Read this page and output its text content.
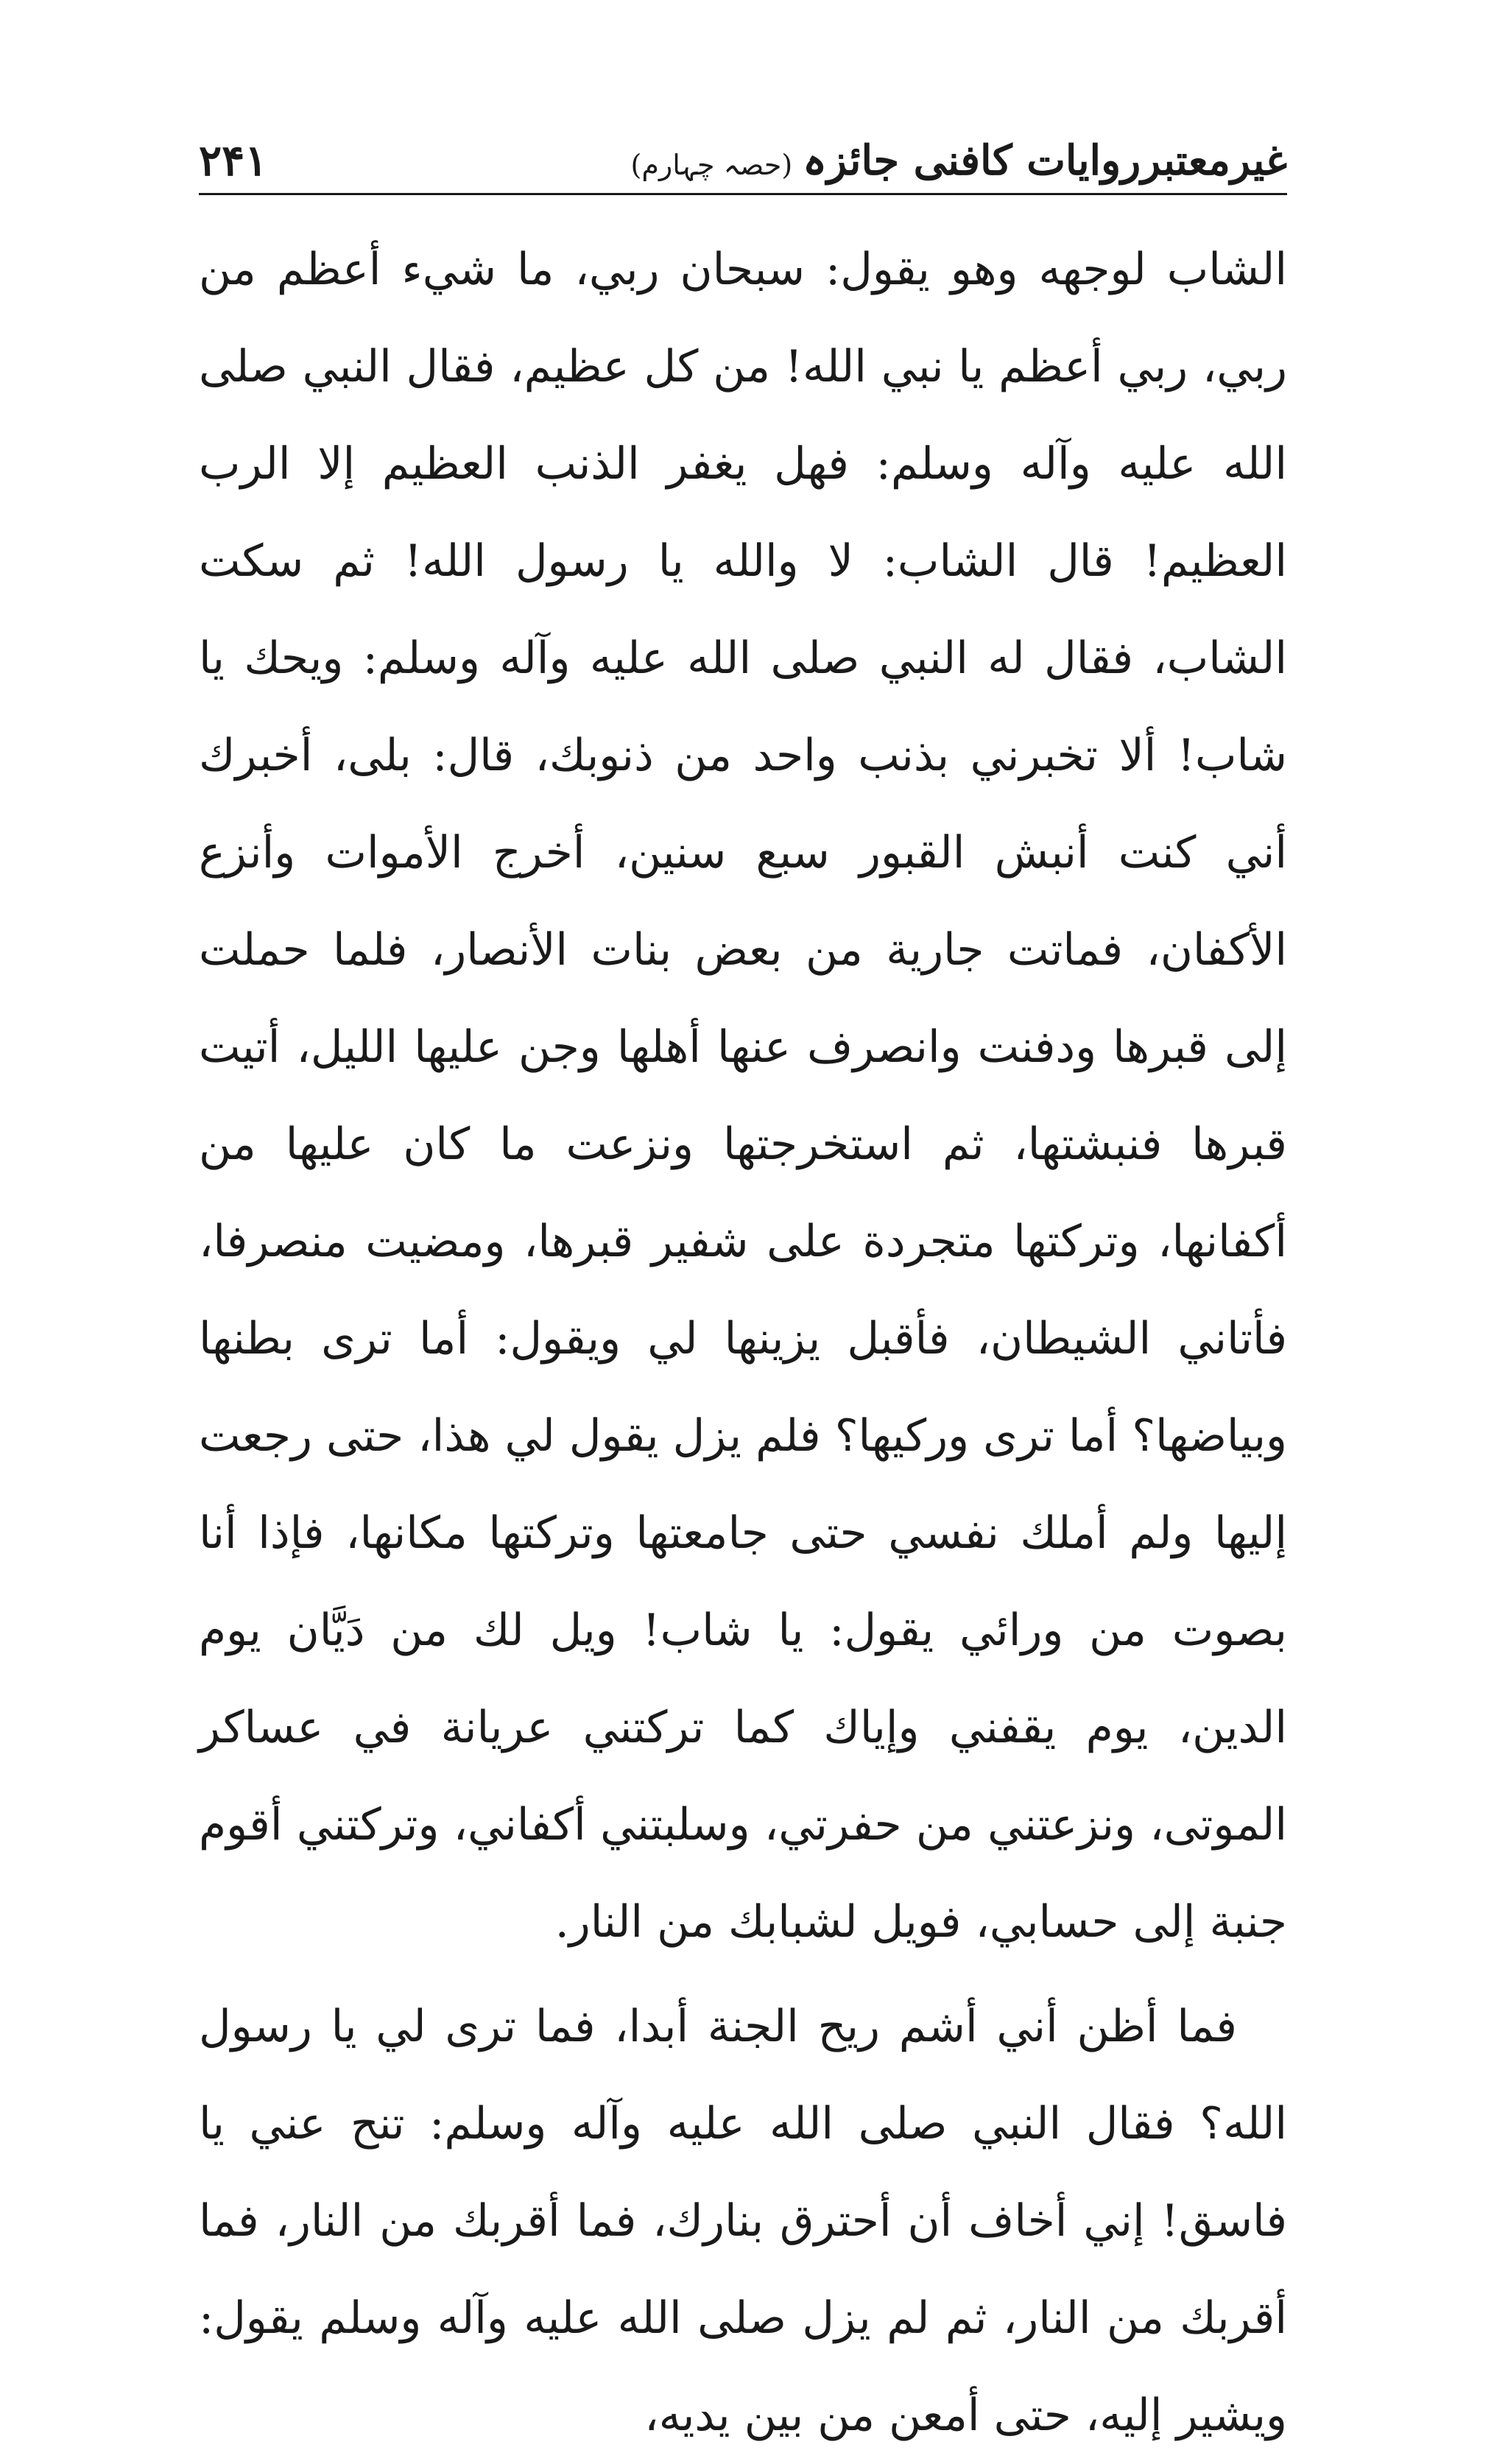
غیرمعتبرروایات کافنی جائزہ(حصہ چہارم)
۲۴۱

الشاب لوجهه وهو يقول: سبحان ربي، ما شيء أعظم من ربي، ربي أعظم يا نبي الله! من كل عظيم، فقال النبي صلى الله عليه وآله وسلم: فهل يغفر الذنب العظيم إلا الرب العظيم! قال الشاب: لا والله يا رسول الله! ثم سكت الشاب، فقال له النبي صلى الله عليه وآله وسلم: ويحك يا شاب! ألا تخبرني بذنب واحد من ذنوبك، قال: بلى، أخبرك أني كنت أنبش القبور سبع سنين، أخرج الأموات وأنزع الأكفان، فماتت جارية من بعض بنات الأنصار، فلما حملت إلى قبرها ودفنت وانصرف عنها أهلها وجن عليها الليل، أتيت قبرها فنبشتها، ثم استخرجتها ونزعت ما كان عليها من أكفانها، وتركتها متجردة على شفير قبرها، ومضيت منصرفا، فأتاني الشيطان، فأقبل يزينها لي ويقول: أما ترى بطنها وبياضها؟ أما ترى وركيها؟ فلم يزل يقول لي هذا، حتى رجعت إليها ولم أملك نفسي حتى جامعتها وتركتها مكانها، فإذا أنا بصوت من ورائي يقول: يا شاب! ويل لك من دَيَّان يوم الدين، يوم يقفني وإياك كما تركتني عريانة في عساكر الموتى، ونزعتني من حفرتي، وسلبتني أكفاني، وتركتني أقوم جنبة إلى حسابي، فويل لشبابك من النار.

فما أظن أني أشم ريح الجنة أبدا، فما ترى لي يا رسول الله؟ فقال النبي صلى الله عليه وآله وسلم: تنح عني يا فاسق! إني أخاف أن أحترق بنارك، فما أقربك من النار، فما أقربك من النار، ثم لم يزل صلى الله عليه وآله وسلم يقول: ويشير إليه، حتى أمعن من بين يديه،
